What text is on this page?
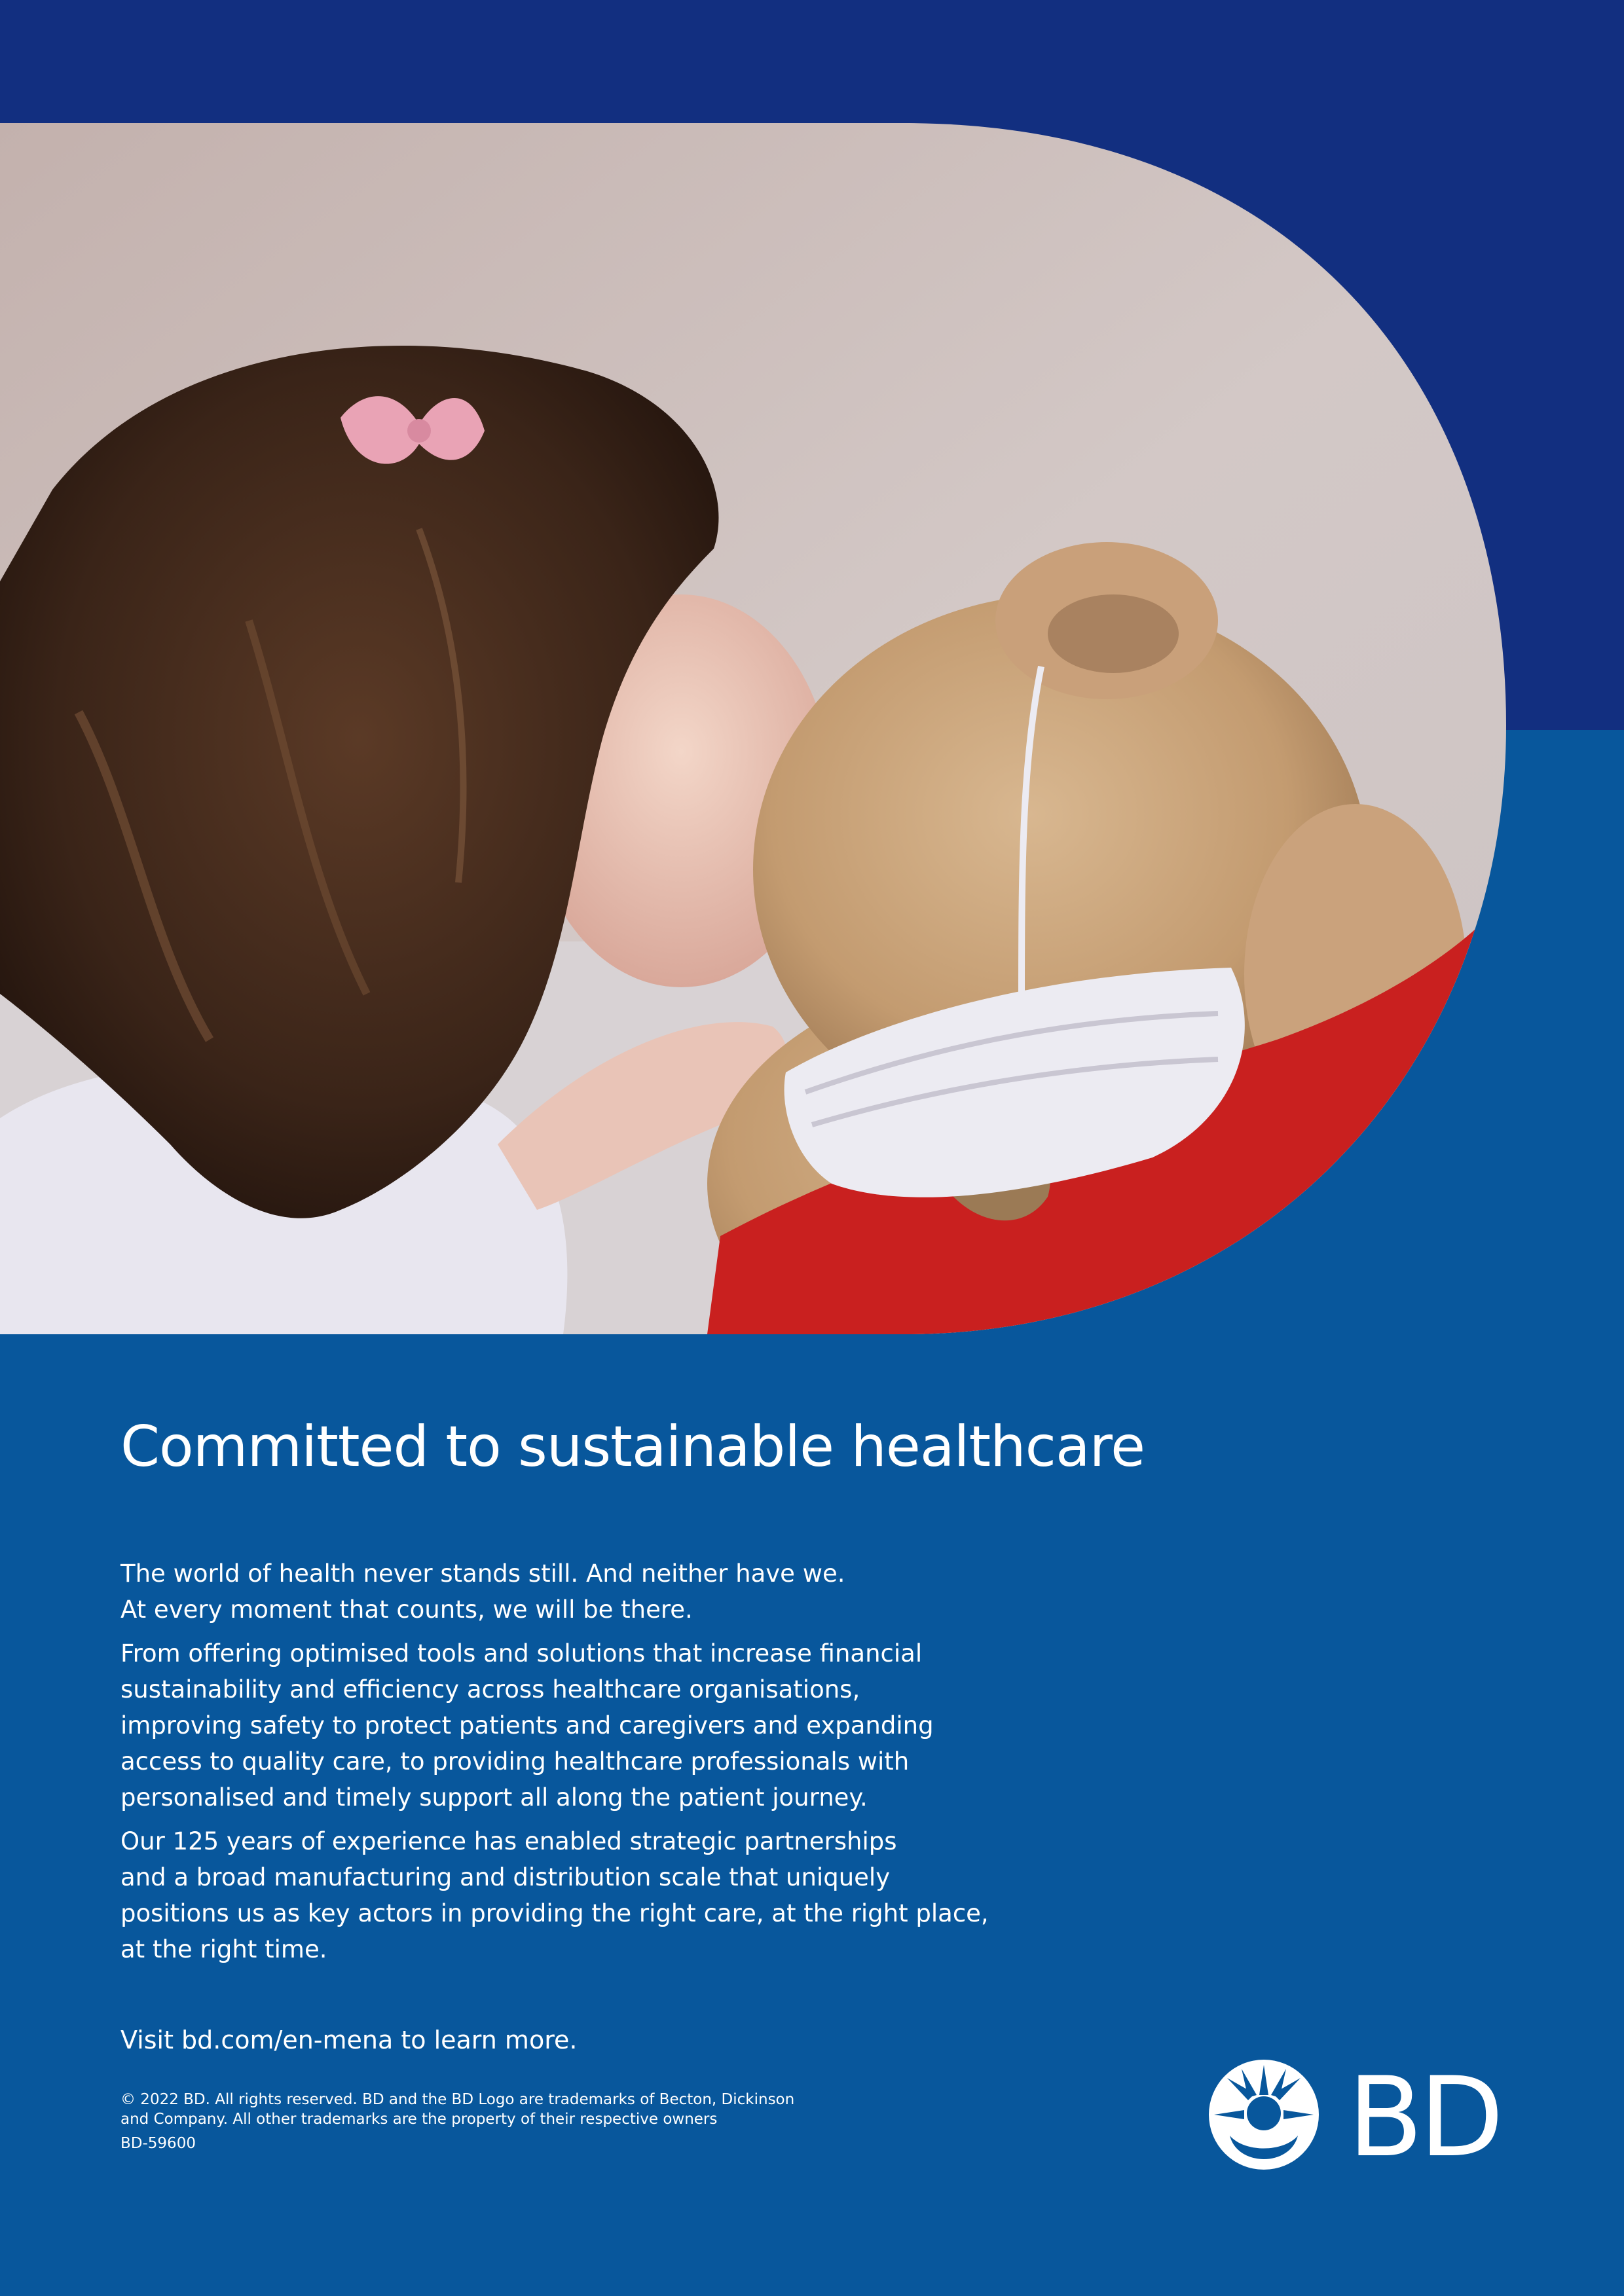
Committed to sustainable healthcare

The world of health never stands still. And neither have we.
At every moment that counts, we will be there.

From offering optimised tools and solutions that increase financial
sustainability and efficiency across healthcare organisations,
improving safety to protect patients and caregivers and expanding
access to quality care, to providing healthcare professionals with
personalised and timely support all along the patient journey.

Our 125 years of experience has enabled strategic partnerships
and a broad manufacturing and distribution scale that uniquely
positions us as key actors in providing the right care, at the right place,
at the right time.

Visit bd.com/en-mena to learn more.
© 2022 BD. All rights reserved. BD and the BD Logo are trademarks of Becton, Dickinson
and Company. All other trademarks are the property of their respective owners
BD-59600	BD
